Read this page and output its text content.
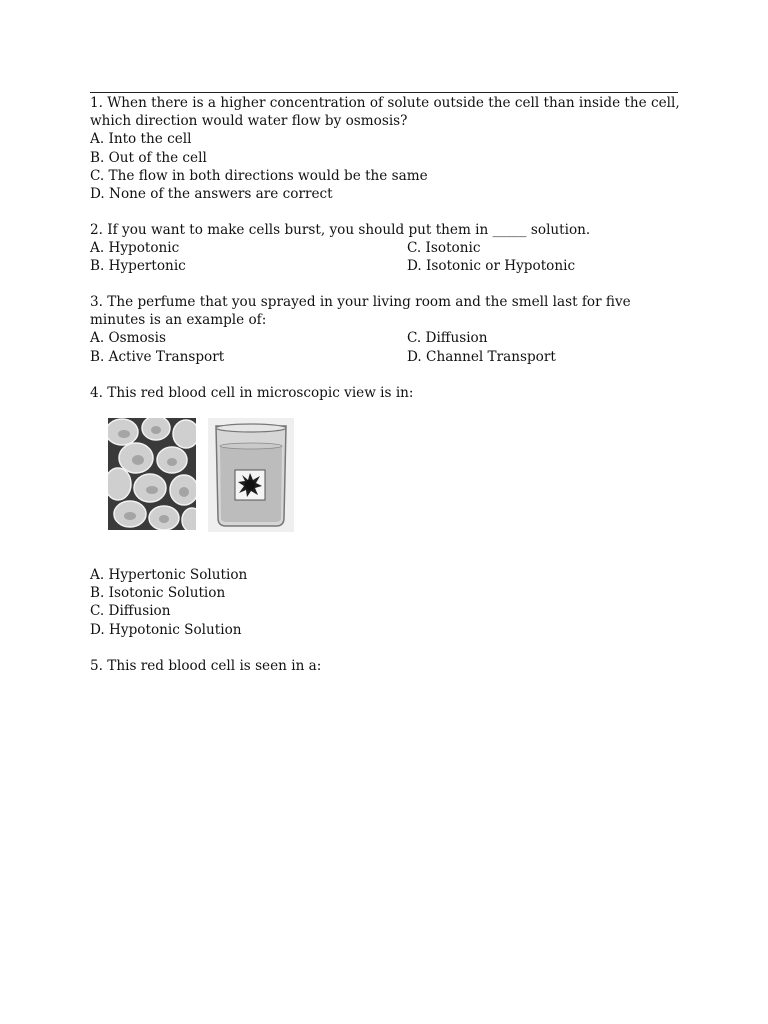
1. When there is a higher concentration of solute outside the cell than inside the cell, which direction would water flow by osmosis?
A. Into the cell
B. Out of the cell
C. The flow in both directions would be the same
D. None of the answers are correct
2. If you want to make cells burst, you should put them in _____ solution.
A. Hypotonic	C. Isotonic
B. Hypertonic	D. Isotonic or Hypotonic
3. The perfume that you sprayed in your living room and the smell last for five minutes is an example of:
A. Osmosis	C. Diffusion
B. Active Transport	D. Channel Transport
4. This red blood cell in microscopic view is in:
A. Hypertonic Solution
B. Isotonic Solution
C. Diffusion
D. Hypotonic Solution
5. This red blood cell is seen in a:
